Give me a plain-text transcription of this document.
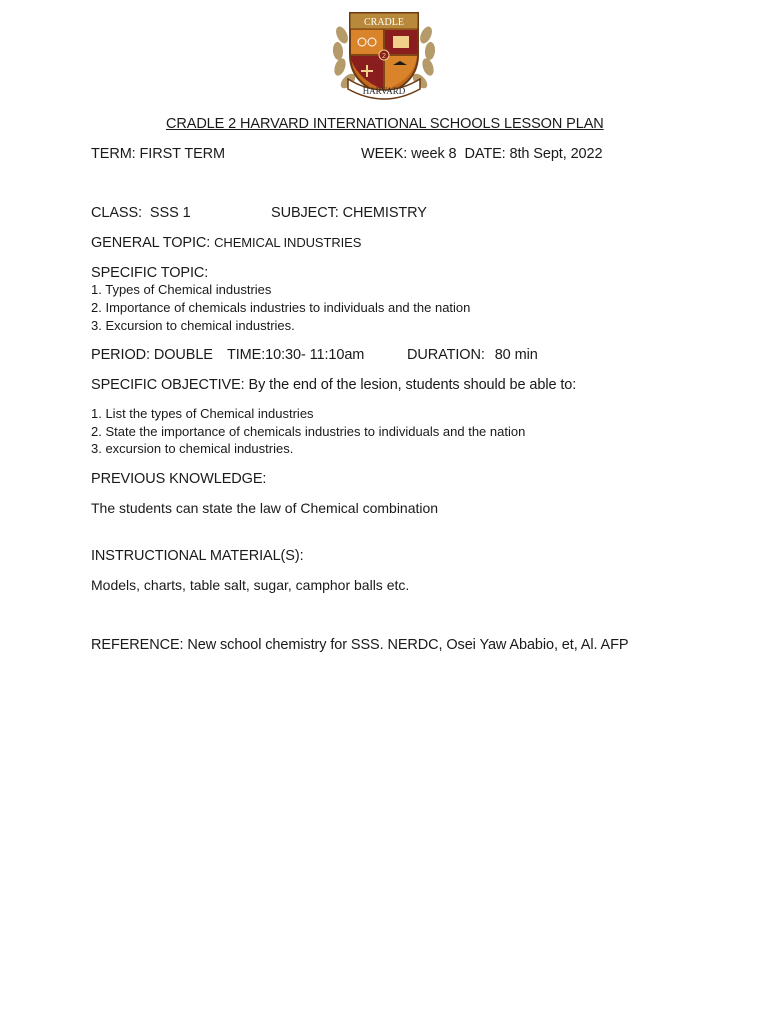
CRADLE
2
HARVARD
CRADLE 2 HARVARD INTERNATIONAL SCHOOLS LESSON PLAN
TERM: FIRST TERM	WEEK: week 8 DATE: 8th Sept, 2022
CLASS: SSS 1	SUBJECT: CHEMISTRY
GENERAL TOPIC: CHEMICAL INDUSTRIES
SPECIFIC TOPIC:
1. Types of Chemical industries
2. Importance of chemicals industries to individuals and the nation
3. Excursion to chemical industries.
PERIOD: DOUBLE TIME:10:30- 11:10am	DURATION: 80 min
SPECIFIC OBJECTIVE: By the end of the lesion, students should be able to:
1. List the types of Chemical industries
2. State the importance of chemicals industries to individuals and the nation
3. excursion to chemical industries.
PREVIOUS KNOWLEDGE:
The students can state the law of Chemical combination
INSTRUCTIONAL MATERIAL(S):
Models, charts, table salt, sugar, camphor balls etc.
REFERENCE: New school chemistry for SSS. NERDC, Osei Yaw Ababio, et, Al. AFP
